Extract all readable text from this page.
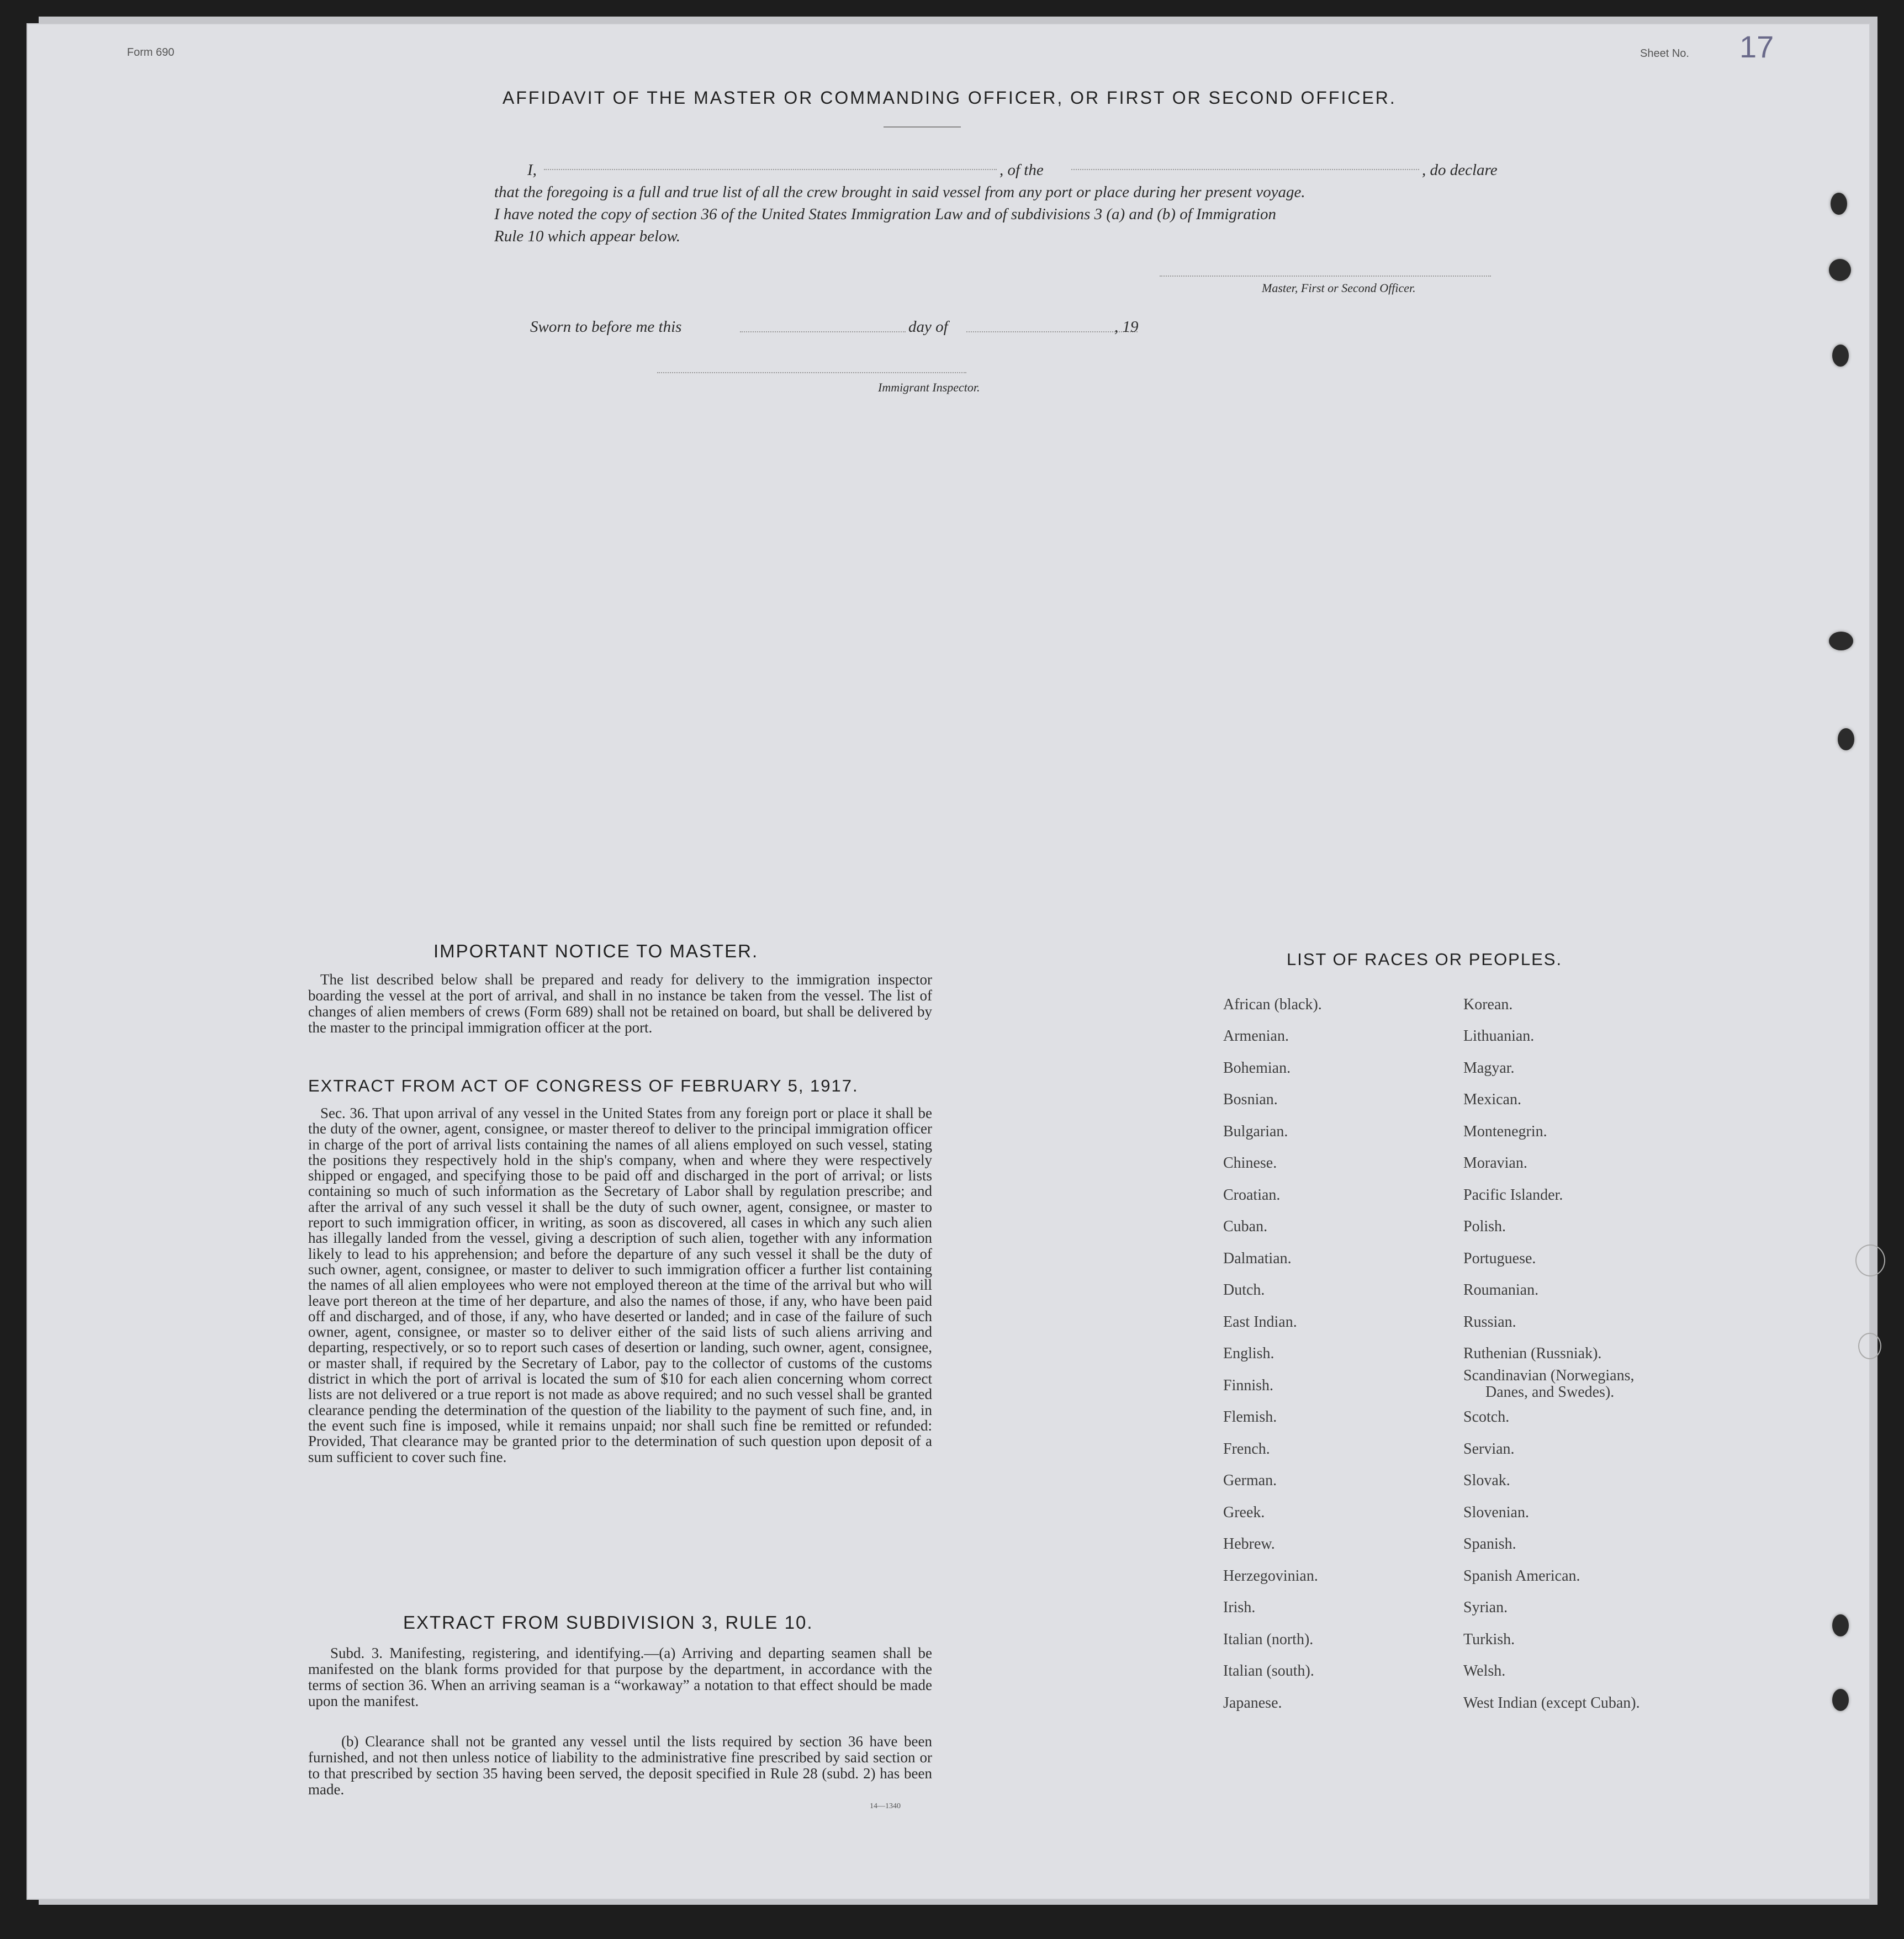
Form 690	Sheet No. 17
AFFIDAVIT OF THE MASTER OR COMMANDING OFFICER, OR FIRST OR SECOND OFFICER.
I,	, of the	, do declare
that the foregoing is a full and true list of all the crew brought in said vessel from any port or place during her present voyage.
I have noted the copy of section 36 of the United States Immigration Law and of subdivisions 3 (a) and (b) of Immigration
Rule 10 which appear below.
Master, First or Second Officer.
Sworn to before me this	day of	, 19
Immigrant Inspector.
IMPORTANT NOTICE TO MASTER.
The list described below shall be prepared and ready for delivery to the immigration inspector boarding the vessel at the port of arrival, and shall in no instance be taken from the vessel. The list of changes of alien members of crews (Form 689) shall not be retained on board, but shall be delivered by the master to the principal immigration officer at the port.
EXTRACT FROM ACT OF CONGRESS OF FEBRUARY 5, 1917.
Sec. 36. That upon arrival of any vessel in the United States from any foreign port or place it shall be the duty of the owner, agent, consignee, or master thereof to deliver to the principal immigration officer in charge of the port of arrival lists containing the names of all aliens employed on such vessel, stating the positions they respectively hold in the ship's company, when and where they were respectively shipped or engaged, and specifying those to be paid off and discharged in the port of arrival; or lists containing so much of such information as the Secretary of Labor shall by regulation prescribe; and after the arrival of any such vessel it shall be the duty of such owner, agent, consignee, or master to report to such immigration officer, in writing, as soon as discovered, all cases in which any such alien has illegally landed from the vessel, giving a description of such alien, together with any information likely to lead to his apprehension; and before the departure of any such vessel it shall be the duty of such owner, agent, consignee, or master to deliver to such immigration officer a further list containing the names of all alien employees who were not employed thereon at the time of the arrival but who will leave port thereon at the time of her departure, and also the names of those, if any, who have been paid off and discharged, and of those, if any, who have deserted or landed; and in case of the failure of such owner, agent, consignee, or master so to deliver either of the said lists of such aliens arriving and departing, respectively, or so to report such cases of desertion or landing, such owner, agent, consignee, or master shall, if required by the Secretary of Labor, pay to the collector of customs of the customs district in which the port of arrival is located the sum of $10 for each alien concerning whom correct lists are not delivered or a true report is not made as above required; and no such vessel shall be granted clearance pending the determination of the question of the liability to the payment of such fine, and, in the event such fine is imposed, while it remains unpaid; nor shall such fine be remitted or refunded: Provided, That clearance may be granted prior to the determination of such question upon deposit of a sum sufficient to cover such fine.
EXTRACT FROM SUBDIVISION 3, RULE 10.
Subd. 3. Manifesting, registering, and identifying.—(a) Arriving and departing seamen shall be manifested on the blank forms provided for that purpose by the department, in accordance with the terms of section 36. When an arriving seaman is a “workaway” a notation to that effect should be made upon the manifest.
(b) Clearance shall not be granted any vessel until the lists required by section 36 have been furnished, and not then unless notice of liability to the administrative fine prescribed by said section or to that prescribed by section 35 having been served, the deposit specified in Rule 28 (subd. 2) has been made.
14—1340
LIST OF RACES OR PEOPLES.
African (black).
Armenian.
Bohemian.
Bosnian.
Bulgarian.
Chinese.
Croatian.
Cuban.
Dalmatian.
Dutch.
East Indian.
English.
Finnish.
Flemish.
French.
German.
Greek.
Hebrew.
Herzegovinian.
Irish.
Italian (north).
Italian (south).
Japanese.
Korean.
Lithuanian.
Magyar.
Mexican.
Montenegrin.
Moravian.
Pacific Islander.
Polish.
Portuguese.
Roumanian.
Russian.
Ruthenian (Russniak).
Scandinavian (Norwegians,
Danes, and Swedes).
Scotch.
Servian.
Slovak.
Slovenian.
Spanish.
Spanish American.
Syrian.
Turkish.
Welsh.
West Indian (except Cuban).
